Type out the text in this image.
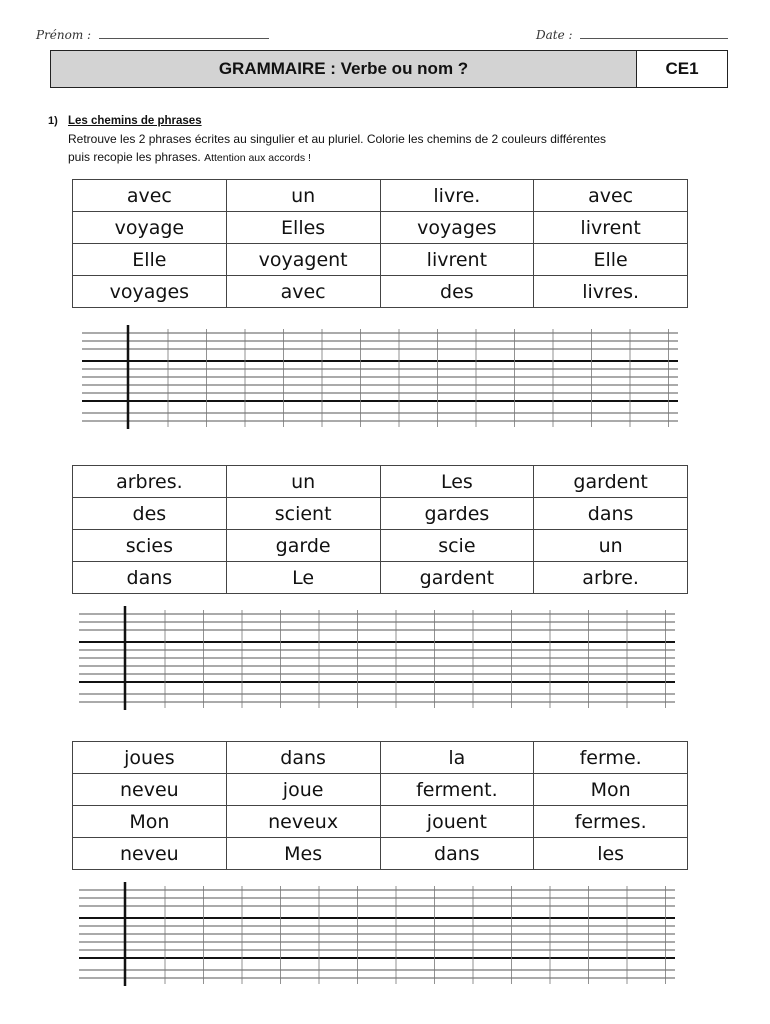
Prénom :	Date :
GRAMMAIRE : Verbe ou nom ?	CE1
1) Les chemins de phrases
Retrouve les 2 phrases écrites au singulier et au pluriel. Colorie les chemins de 2 couleurs différentes
puis recopie les phrases. Attention aux accords !
avec	un	livre.	avec
voyage	Elles	voyages	livrent
Elle	voyagent	livrent	Elle
voyages	avec	des	livres.
arbres.	un	Les	gardent
des	scient	gardes	dans
scies	garde	scie	un
dans	Le	gardent	arbre.
joues	dans	la	ferme.
neveu	joue	ferment.	Mon
Mon	neveux	jouent	fermes.
neveu	Mes	dans	les
